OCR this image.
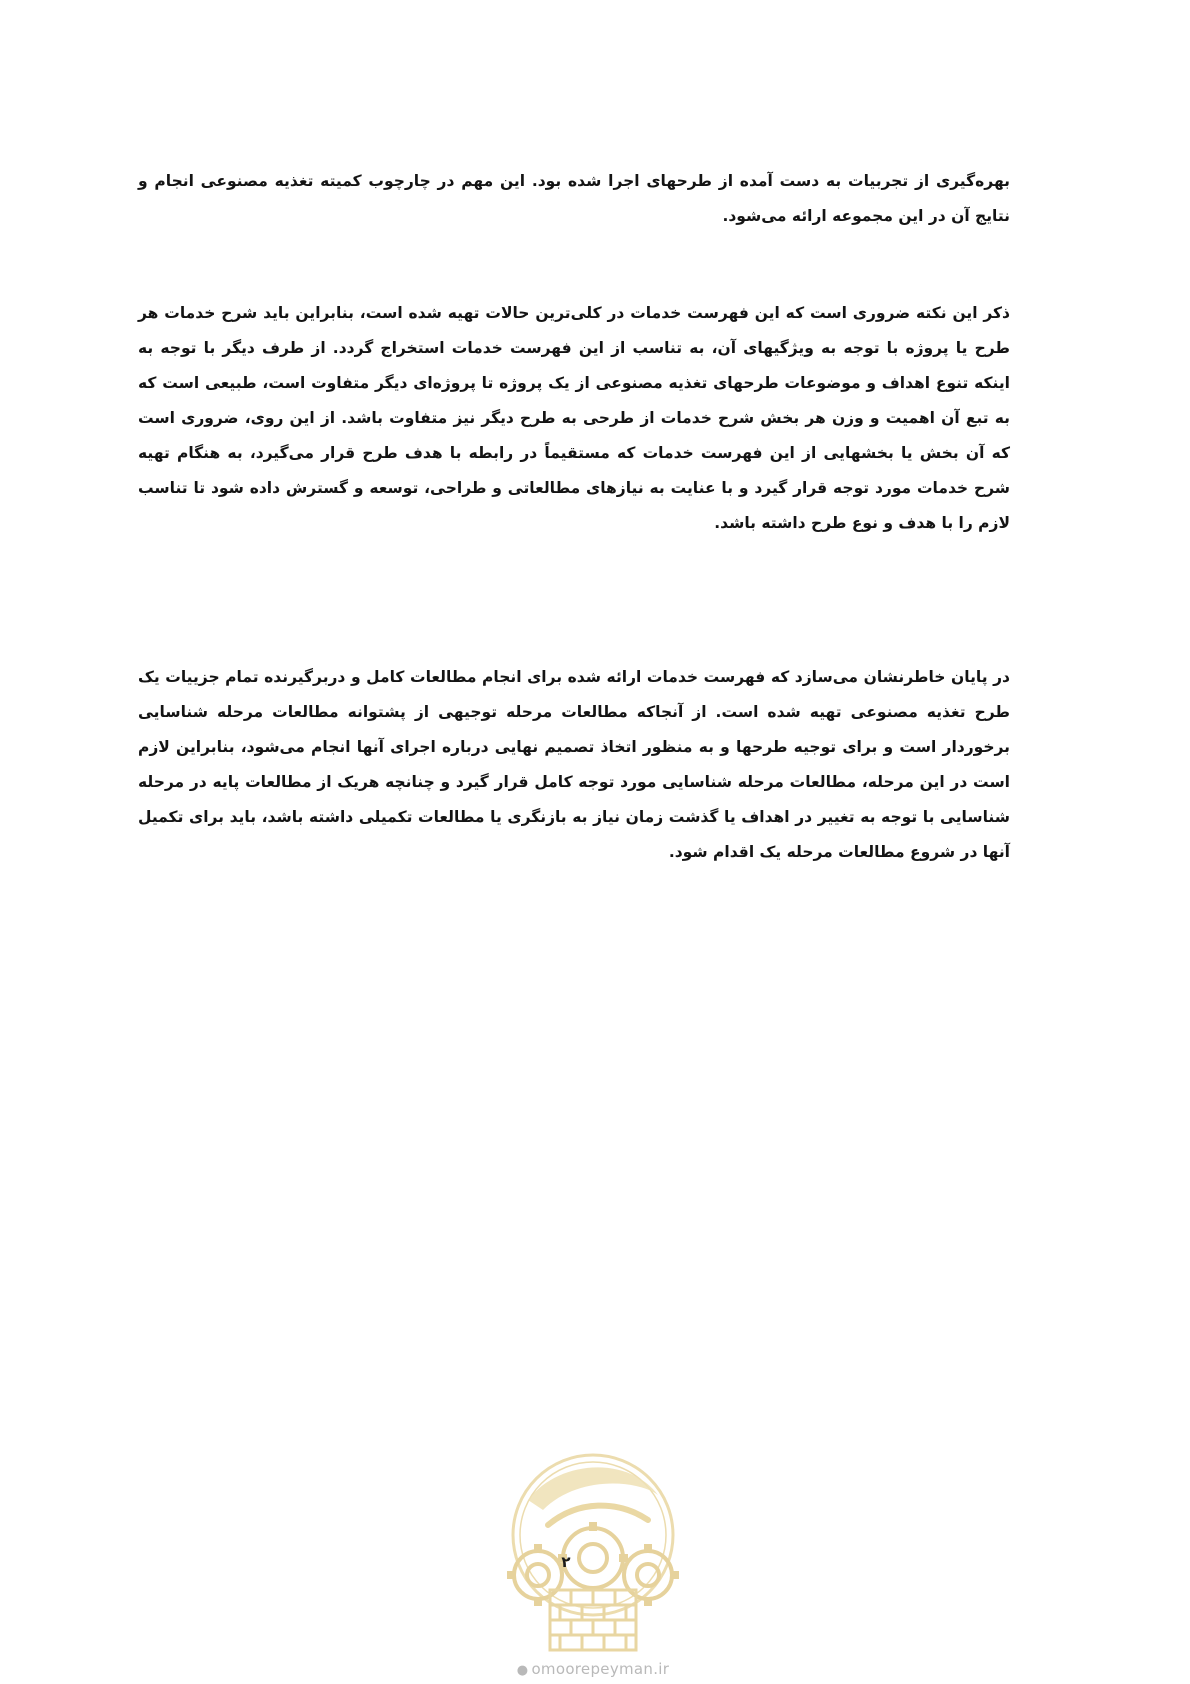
بهره‌گیری از تجربیات به دست آمده از طرحهای اجرا شده بود. این مهم در چارچوب کمیته تغذیه مصنوعی انجام و نتایج آن در این مجموعه ارائه می‌شود.

ذکر این نکته ضروری است که این فهرست خدمات در کلی‌ترین حالات تهیه شده است، بنابراین باید شرح خدمات هر طرح یا پروژه با توجه به ویژگیهای آن، به تناسب از این فهرست خدمات استخراج گردد. از طرف دیگر با توجه به اینکه تنوع اهداف و موضوعات طرحهای تغذیه مصنوعی از یک پروژه تا پروژه‌ای دیگر متفاوت است، طبیعی است که به تبع آن اهمیت و وزن هر بخش شرح خدمات از طرحی به طرح دیگر نیز متفاوت باشد. از این روی، ضروری است که آن بخش یا بخشهایی از این فهرست خدمات که مستقیماً در رابطه با هدف طرح قرار می‌گیرد، به هنگام تهیه شرح خدمات مورد توجه قرار گیرد و با عنایت به نیازهای مطالعاتی و طراحی، توسعه و گسترش داده شود تا تناسب لازم را با هدف و نوع طرح داشته باشد.

در پایان خاطرنشان می‌سازد که فهرست خدمات ارائه شده برای انجام مطالعات کامل و دربرگیرنده تمام جزییات یک طرح تغذیه مصنوعی تهیه شده است. از آنجاکه مطالعات مرحله توجیهی از پشتوانه مطالعات مرحله شناسایی برخوردار است و برای توجیه طرحها و به منظور اتخاذ تصمیم نهایی درباره اجرای آنها انجام می‌شود، بنابراین لازم است در این مرحله، مطالعات مرحله شناسایی مورد توجه کامل قرار گیرد و چنانچه هریک از مطالعات پایه در مرحله شناسایی با توجه به تغییر در اهداف یا گذشت زمان نیاز به بازنگری یا مطالعات تکمیلی داشته باشد، باید برای تکمیل آنها در شروع مطالعات مرحله یک اقدام شود.

۲
● omoorepeyman.ir
